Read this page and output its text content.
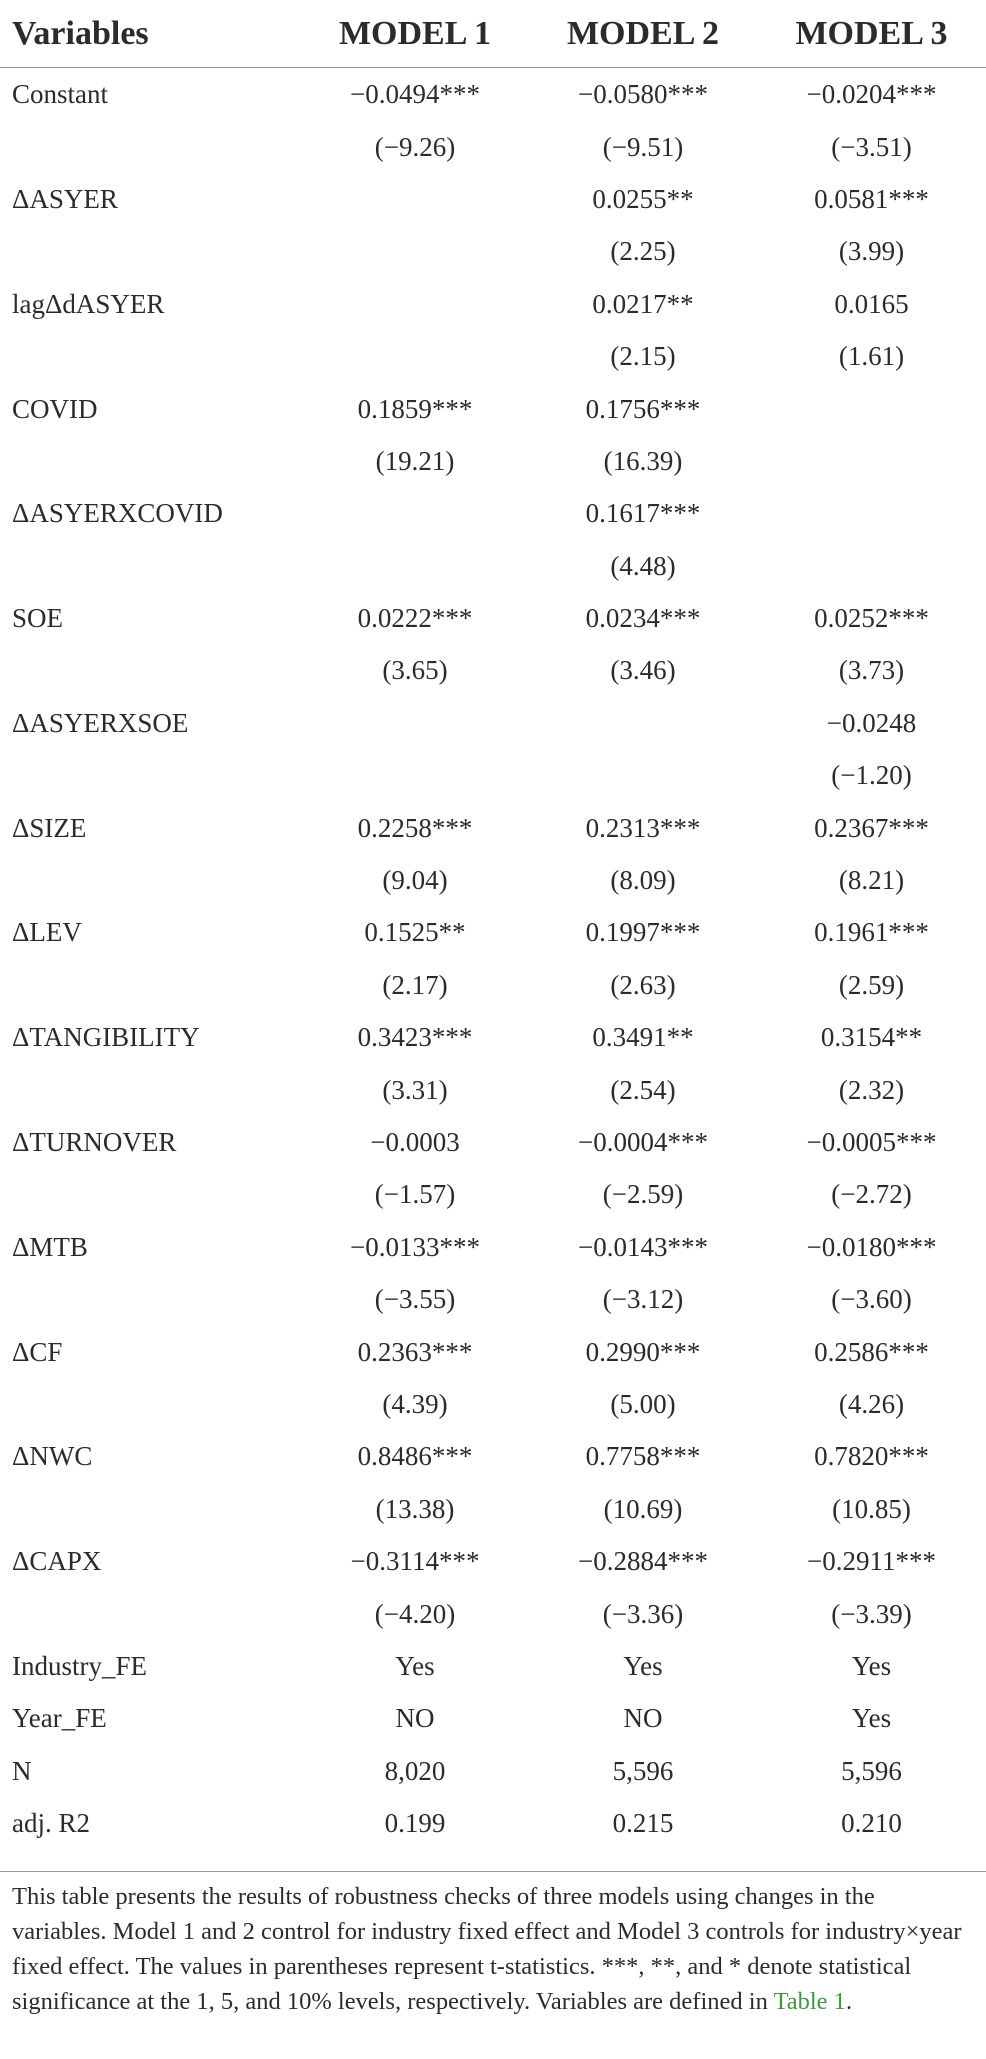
Variables	MODEL 1	MODEL 2	MODEL 3
Constant	−0.0494***	−0.0580***	−0.0204***
	(−9.26)	(−9.51)	(−3.51)
ΔASYER		0.0255**	0.0581***
		(2.25)	(3.99)
lagΔdASYER		0.0217**	0.0165
		(2.15)	(1.61)
COVID	0.1859***	0.1756***	
	(19.21)	(16.39)	
ΔASYERXCOVID		0.1617***	
		(4.48)	
SOE	0.0222***	0.0234***	0.0252***
	(3.65)	(3.46)	(3.73)
ΔASYERXSOE			−0.0248
			(−1.20)
ΔSIZE	0.2258***	0.2313***	0.2367***
	(9.04)	(8.09)	(8.21)
ΔLEV	0.1525**	0.1997***	0.1961***
	(2.17)	(2.63)	(2.59)
ΔTANGIBILITY	0.3423***	0.3491**	0.3154**
	(3.31)	(2.54)	(2.32)
ΔTURNOVER	−0.0003	−0.0004***	−0.0005***
	(−1.57)	(−2.59)	(−2.72)
ΔMTB	−0.0133***	−0.0143***	−0.0180***
	(−3.55)	(−3.12)	(−3.60)
ΔCF	0.2363***	0.2990***	0.2586***
	(4.39)	(5.00)	(4.26)
ΔNWC	0.8486***	0.7758***	0.7820***
	(13.38)	(10.69)	(10.85)
ΔCAPX	−0.3114***	−0.2884***	−0.2911***
	(−4.20)	(−3.36)	(−3.39)
Industry_FE	Yes	Yes	Yes
Year_FE	NO	NO	Yes
N	8,020	5,596	5,596
adj. R2	0.199	0.215	0.210
This table presents the results of robustness checks of three models using changes in the variables. Model 1 and 2 control for industry fixed effect and Model 3 controls for industry×year fixed effect. The values in parentheses represent t-statistics. ***, **, and * denote statistical significance at the 1, 5, and 10% levels, respectively. Variables are defined in Table 1.
